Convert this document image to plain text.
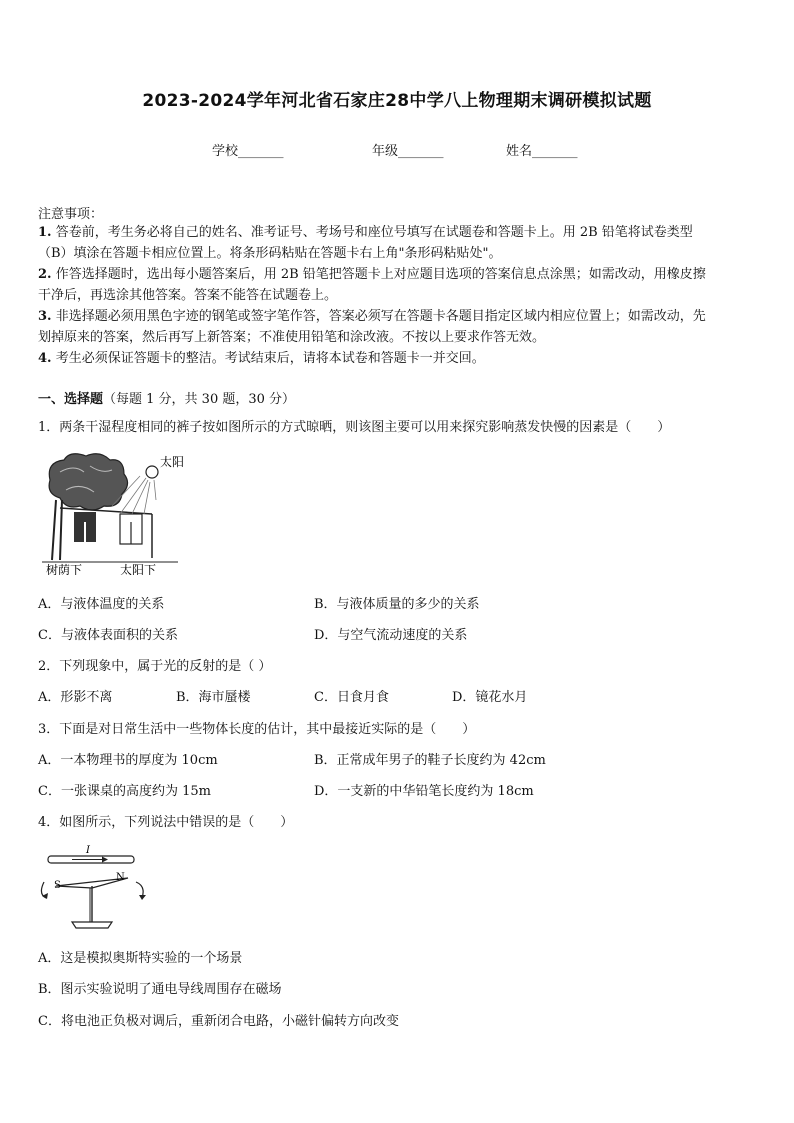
2023-2024学年河北省石家庄28中学八上物理期末调研模拟试题
学校_______	年级_______	姓名_______
注意事项：
1. 答卷前，考生务必将自己的姓名、准考证号、考场号和座位号填写在试题卷和答题卡上。用 2B 铅笔将试卷类型
（B）填涂在答题卡相应位置上。将条形码粘贴在答题卡右上角"条形码粘贴处"。
2. 作答选择题时，选出每小题答案后，用 2B 铅笔把答题卡上对应题目选项的答案信息点涂黑；如需改动，用橡皮擦
干净后，再选涂其他答案。答案不能答在试题卷上。
3. 非选择题必须用黑色字迹的钢笔或签字笔作答，答案必须写在答题卡各题目指定区域内相应位置上；如需改动，先
划掉原来的答案，然后再写上新答案；不准使用铅笔和涂改液。不按以上要求作答无效。
4. 考生必须保证答题卡的整洁。考试结束后，请将本试卷和答题卡一并交回。
一、选择题（每题 1 分，共 30 题，30 分）
1．两条干湿程度相同的裤子按如图所示的方式晾晒，则该图主要可以用来探究影响蒸发快慢的因素是（　　）
太阳
树荫下	太阳下
A．与液体温度的关系	B．与液体质量的多少的关系
C．与液体表面积的关系	D．与空气流动速度的关系
2．下列现象中，属于光的反射的是（ ）
A．形影不离	B．海市蜃楼	C．日食月食	D．镜花水月
3．下面是对日常生活中一些物体长度的估计，其中最接近实际的是（　　）
A．一本物理书的厚度为 10cm	B．正常成年男子的鞋子长度约为 42cm
C．一张课桌的高度约为 15m	D．一支新的中华铅笔长度约为 18cm
4．如图所示，下列说法中错误的是（　　）
I
S
N
A．这是模拟奥斯特实验的一个场景
B．图示实验说明了通电导线周围存在磁场
C．将电池正负极对调后，重新闭合电路，小磁针偏转方向改变
